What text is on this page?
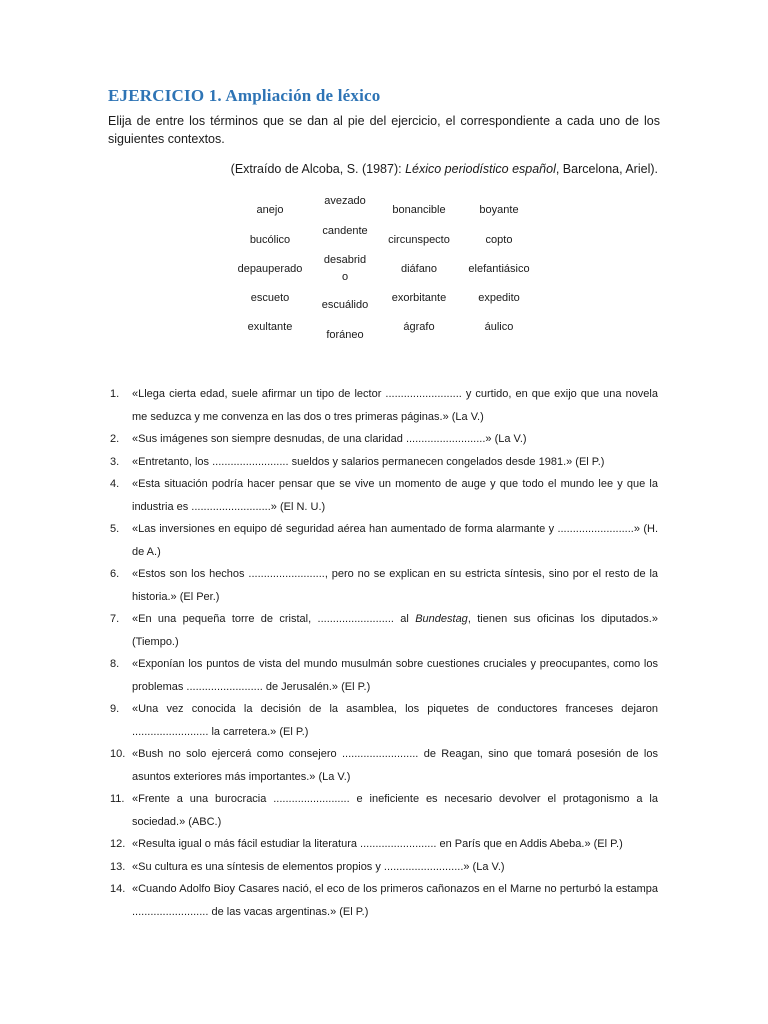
EJERCICIO 1. Ampliación de léxico
Elija de entre los términos que se dan al pie del ejercicio, el correspondiente a cada uno de los siguientes contextos.
(Extraído de Alcoba, S. (1987): Léxico periodístico español, Barcelona, Ariel).
anejo
bucólico
depauperado
escueto
exultante
avezado
candente
desabrid
o
escuálido
foráneo
bonancible
circunspecto
diáfano
exorbitante
ágrafo
boyante
copto
elefantiásico
expedito
áulico
1. «Llega cierta edad, suele afirmar un tipo de lector ......................... y curtido, en que exijo que una novela me seduzca y me convenza en las dos o tres primeras páginas.» (La V.)
2. «Sus imágenes son siempre desnudas, de una claridad ..........................» (La V.)
3. «Entretanto, los ......................... sueldos y salarios permanecen congelados desde 1981.» (El P.)
4. «Esta situación podría hacer pensar que se vive un momento de auge y que todo el mundo lee y que la industria es ..........................» (El N. U.)
5. «Las inversiones en equipo dé seguridad aérea han aumentado de forma alarmante y .........................» (H. de A.)
6. «Estos son los hechos ........................., pero no se explican en su estricta síntesis, sino por el resto de la historia.» (El Per.)
7. «En una pequeña torre de cristal, ......................... al Bundestag, tienen sus oficinas los diputados.» (Tiempo.)
8. «Exponían los puntos de vista del mundo musulmán sobre cuestiones cruciales y preocupantes, como los problemas ......................... de Jerusalén.» (El P.)
9. «Una vez conocida la decisión de la asamblea, los piquetes de conductores franceses dejaron ......................... la carretera.» (El P.)
10. «Bush no solo ejercerá como consejero ......................... de Reagan, sino que tomará posesión de los asuntos exteriores más importantes.» (La V.)
11. «Frente a una burocracia ......................... e ineficiente es necesario devolver el protagonismo a la sociedad.» (ABC.)
12. «Resulta igual o más fácil estudiar la literatura ......................... en París que en Addis Abeba.» (El P.)
13. «Su cultura es una síntesis de elementos propios y ..........................» (La V.)
14. «Cuando Adolfo Bioy Casares nació, el eco de los primeros cañonazos en el Marne no perturbó la estampa ......................... de las vacas argentinas.» (El P.)
